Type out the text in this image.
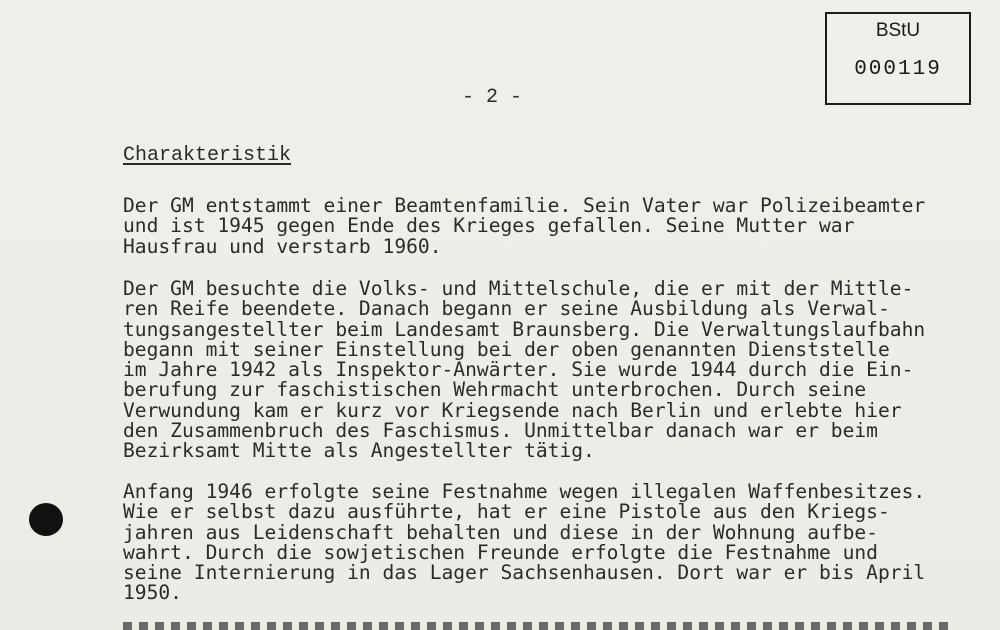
BStU
000119
- 2 -
Charakteristik
Der GM entstammt einer Beamtenfamilie. Sein Vater war Polizeibeamter
und ist 1945 gegen Ende des Krieges gefallen. Seine Mutter war
Hausfrau und verstarb 1960.
Der GM besuchte die Volks- und Mittelschule, die er mit der Mittle-
ren Reife beendete. Danach begann er seine Ausbildung als Verwal-
tungsangestellter beim Landesamt Braunsberg. Die Verwaltungslaufbahn
begann mit seiner Einstellung bei der oben genannten Dienststelle
im Jahre 1942 als Inspektor-Anwärter. Sie wurde 1944 durch die Ein-
berufung zur faschistischen Wehrmacht unterbrochen. Durch seine
Verwundung kam er kurz vor Kriegsende nach Berlin und erlebte hier
den Zusammenbruch des Faschismus. Unmittelbar danach war er beim
Bezirksamt Mitte als Angestellter tätig.
Anfang 1946 erfolgte seine Festnahme wegen illegalen Waffenbesitzes.
Wie er selbst dazu ausführte, hat er eine Pistole aus den Kriegs-
jahren aus Leidenschaft behalten und diese in der Wohnung aufbe-
wahrt. Durch die sowjetischen Freunde erfolgte die Festnahme und
seine Internierung in das Lager Sachsenhausen. Dort war er bis April
1950.
